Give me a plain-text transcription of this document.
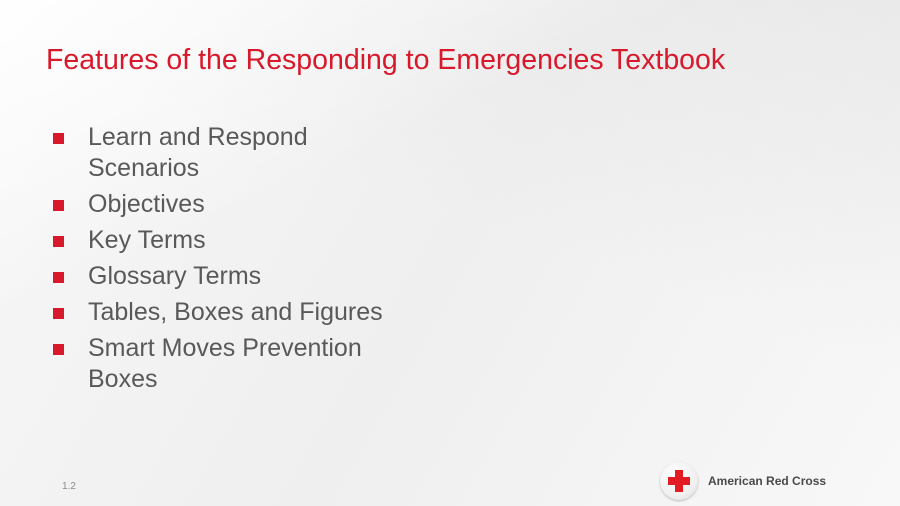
Features of the Responding to Emergencies Textbook
Learn and Respond
Scenarios
Objectives
Key Terms
Glossary Terms
Tables, Boxes and Figures
Smart Moves Prevention
Boxes
1.2	American Red Cross
